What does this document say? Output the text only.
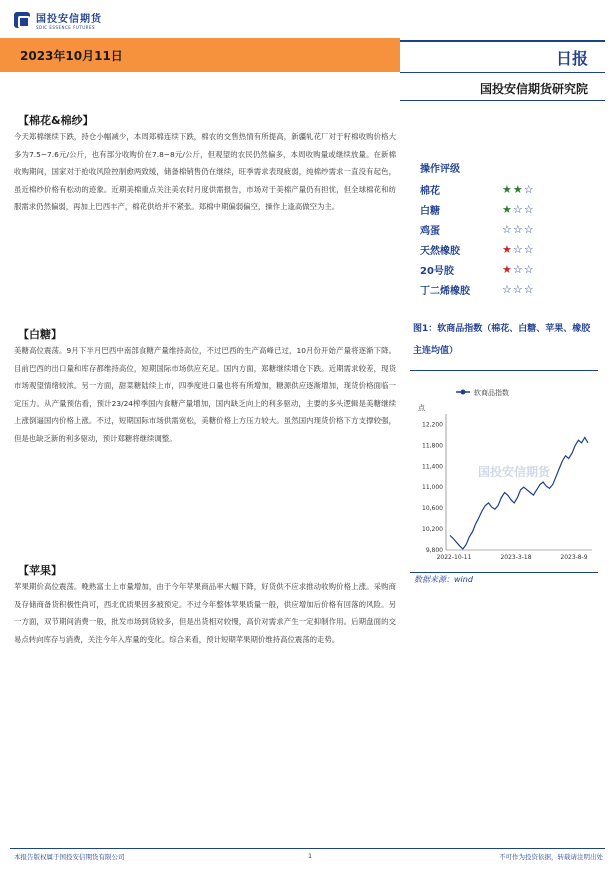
国投安信期货
SDIC ESSENCE FUTURES
2023年10月11日	日报
国投安信期货研究院
【棉花&棉纱】
今天郑棉继续下跌，持仓小幅减少，本周郑棉连续下跌，棉农的交售热情有所提高，新疆轧花厂对于籽棉收购价格大多为7.5~7.6元/公斤，也有部分收购价在7.8~8元/公斤，但观望的农民仍然偏多，本周收购量或继续放量。在新棉收购期间，国家对于抢收风险控制愈两致缓，储备棉销售仍在继续，旺季需求表现疲弱，纯棉纱需求一直没有起色，虽近棉纱价格有松动的迹象。近期美棉重点关注美农时月度供需报告，市场对于美棉产量仍有担忧，但全球棉花和纺服需求仍然偏弱，再加上巴西丰产，棉花供给并不紧张。郑棉中期偏弱偏空，操作上逢高做空为主。
【白糖】
美糖高位震荡。9月下半月巴西中南部食糖产量维持高位，不过巴西的生产高峰已过，10月份开始产量将逐渐下降。目前巴西的出口量和库存都维持高位，短期国际市场供应充足。国内方面，郑糖继续增仓下跌。近期需求较差，现货市场观望情绪较浓。另一方面，甜菜糖陆续上市，四季度进口量也将有所增加，糖源供应逐渐增加，现货价格面临一定压力。从产量预估看，预计23/24榨季国内食糖产量增加，国内缺乏向上的利多驱动，主要的多头逻辑是美糖继续上涨倒逼国内价格上涨。不过，短期国际市场供需宽松，美糖价格上方压力较大。虽然国内现货价格下方支撑较强，但是也缺乏新的利多驱动，预计郑糖将继续调整。
【苹果】
苹果期价高位震荡。晚熟富士上市量增加，由于今年苹果商品率大幅下降，好货供不应求推动收购价格上涨。采购商及存储商备货积极性尚可，西北优质果因多被预定。不过今年整体苹果质量一般，供应增加后价格有回落的风险。另一方面，双节期间消费一般，批发市场到货较多，但是出货相对较慢，高价对需求产生一定抑制作用。后期盘面的交易点转向库存与消费，关注今年入库量的变化。综合来看，预计短期苹果期价维持高位震荡的走势。
操作评级
棉花	★ ★ ☆
白糖	★ ☆ ☆
鸡蛋	☆ ☆ ☆
天然橡胶	★ ☆ ☆
20号胶	★ ☆ ☆
丁二烯橡胶	☆ ☆ ☆
图1：软商品指数（棉花、白糖、苹果、橡胶主连均值）
国投安信期货
软商品指数
点
9,800
10,200
10,600
11,000
11,400
11,800
12,200
2022-10-11	2023-3-18	2023-8-9
数据来源：wind
本报告版权属于国投安信期货有限公司	1	不可作为投资依据，转载请注明出处
